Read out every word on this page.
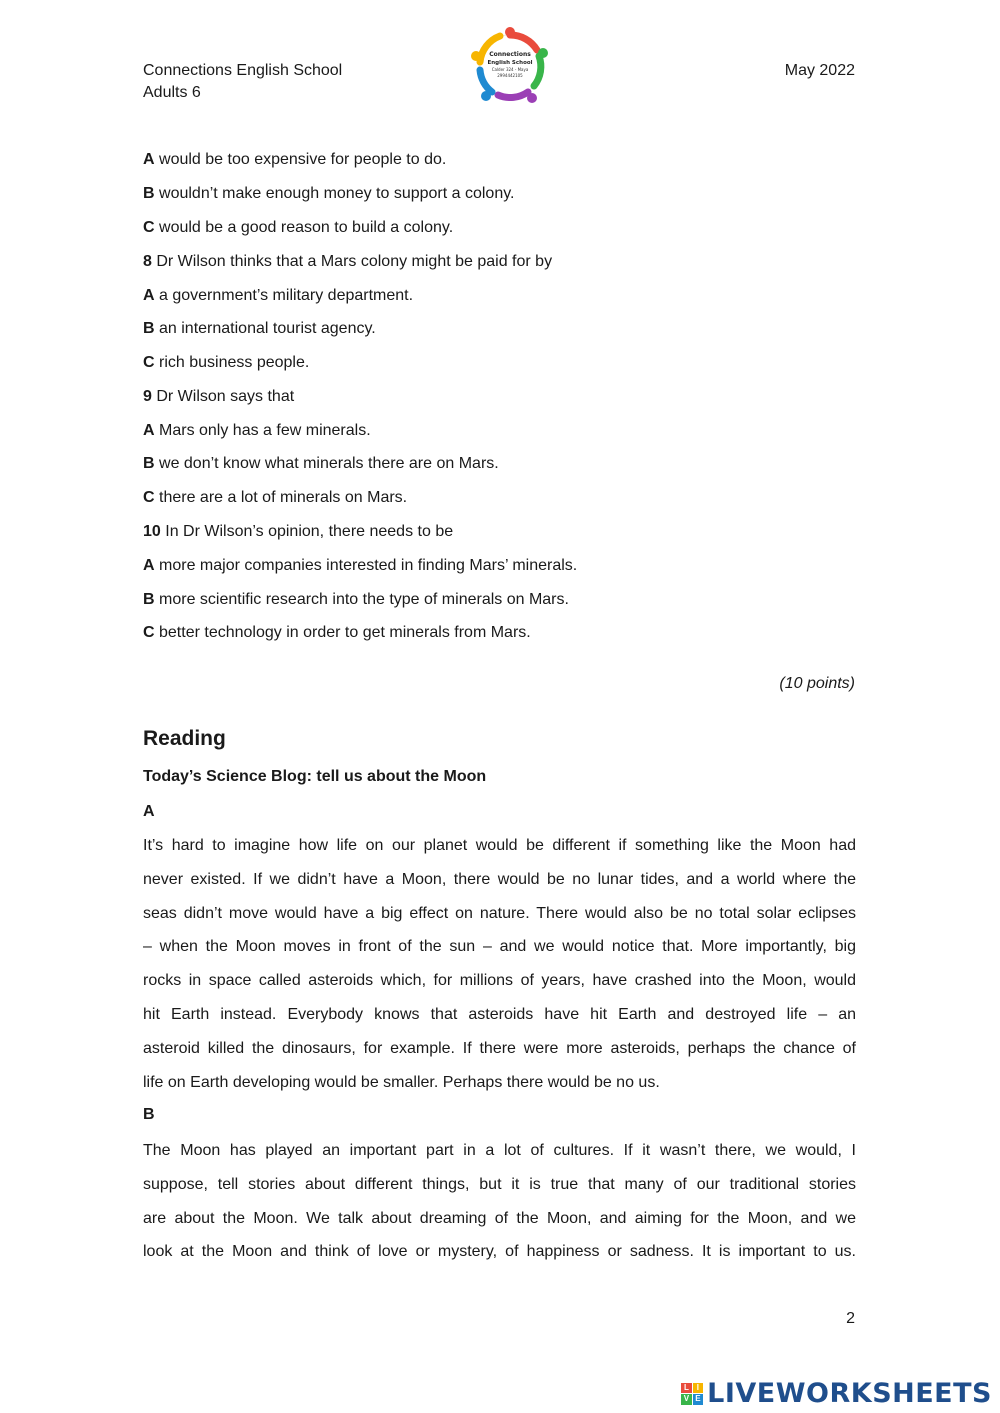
Connections English School
Adults 6
Connections
English School
Calder 324 - Maya
2994442105	May 2022
A would be too expensive for people to do.
B wouldn’t make enough money to support a colony.
C would be a good reason to build a colony.
8 Dr Wilson thinks that a Mars colony might be paid for by
A a government’s military department.
B an international tourist agency.
C rich business people.
9 Dr Wilson says that
A Mars only has a few minerals.
B we don’t know what minerals there are on Mars.
C there are a lot of minerals on Mars.
10 In Dr Wilson’s opinion, there needs to be
A more major companies interested in finding Mars’ minerals.
B more scientific research into the type of minerals on Mars.
C better technology in order to get minerals from Mars.
(10 points)
Reading
Today’s Science Blog: tell us about the Moon
A
It’s hard to imagine how life on our planet would be different if something like the Moon had
never existed. If we didn’t have a Moon, there would be no lunar tides, and a world where the
seas didn’t move would have a big effect on nature. There would also be no total solar eclipses
– when the Moon moves in front of the sun – and we would notice that. More importantly, big
rocks in space called asteroids which, for millions of years, have crashed into the Moon, would
hit Earth instead. Everybody knows that asteroids have hit Earth and destroyed life – an
asteroid killed the dinosaurs, for example. If there were more asteroids, perhaps the chance of
life on Earth developing would be smaller. Perhaps there would be no us.
B
The Moon has played an important part in a lot of cultures. If it wasn’t there, we would, I
suppose, tell stories about different things, but it is true that many of our traditional stories
are about the Moon. We talk about dreaming of the Moon, and aiming for the Moon, and we
look at the Moon and think of love or mystery, of happiness or sadness. It is important to us.
2
L I
V E LIVEWORKSHEETS
